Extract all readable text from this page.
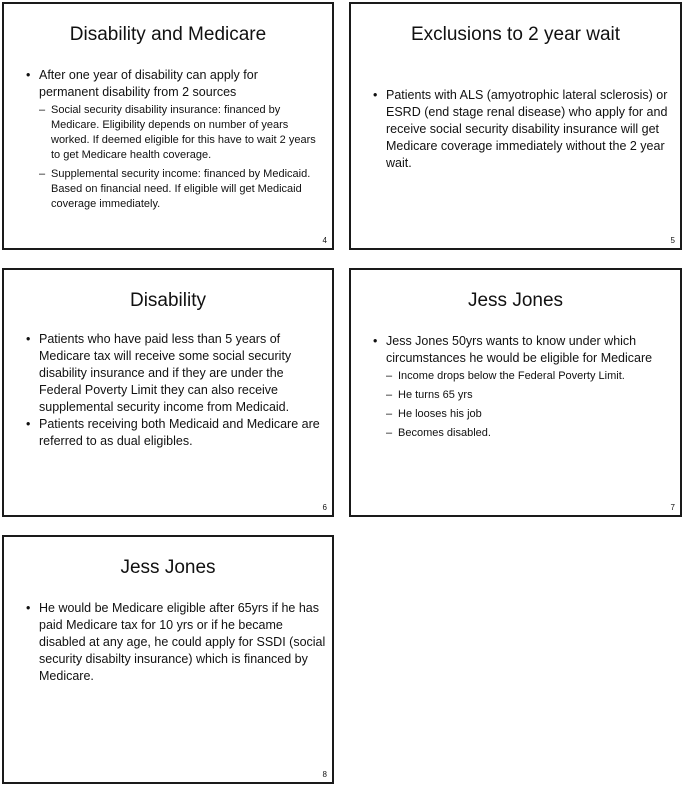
Disability and Medicare
• After one year of disability can apply for permanent disability from 2 sources
– Social security disability insurance: financed by Medicare. Eligibility depends on number of years worked. If deemed eligible for this have to wait 2 years to get Medicare health coverage.
– Supplemental security income: financed by Medicaid. Based on financial need. If eligible will get Medicaid coverage immediately.
4
Exclusions to 2 year wait
• Patients with ALS (amyotrophic lateral sclerosis) or ESRD (end stage renal disease) who apply for and receive social security disability insurance will get Medicare coverage immediately without the 2 year wait.
5
Disability
• Patients who have paid less than 5 years of Medicare tax will receive some social security disability insurance and if they are under the Federal Poverty Limit they can also receive supplemental security income from Medicaid.
• Patients receiving both Medicaid and Medicare are referred to as dual eligibles.
6
Jess Jones
• Jess Jones 50yrs wants to know under which circumstances he would be eligible for Medicare
– Income drops below the Federal Poverty Limit.
– He turns 65 yrs
– He looses his job
– Becomes disabled.
7
Jess Jones
• He would be Medicare eligible after 65yrs if he has paid Medicare tax for 10 yrs or if he became disabled at any age, he could apply for SSDI (social security disabilty insurance) which is financed by Medicare.
8
